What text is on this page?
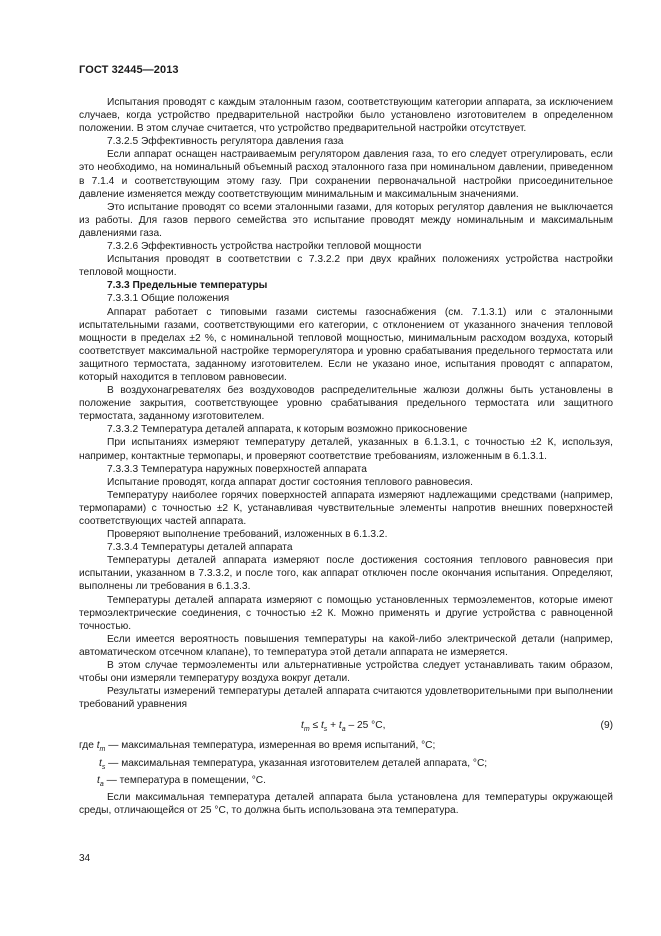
ГОСТ 32445—2013

Испытания проводят с каждым эталонным газом, соответствующим категории аппарата, за исключением случаев, когда устройство предварительной настройки было установлено изготовителем в определенном положении. В этом случае считается, что устройство предварительной настройки отсутствует.

7.3.2.5 Эффективность регулятора давления газа

Если аппарат оснащен настраиваемым регулятором давления газа, то его следует отрегулировать, если это необходимо, на номинальный объемный расход эталонного газа при номинальном давлении, приведенном в 7.1.4 и соответствующим этому газу. При сохранении первоначальной настройки присоединительное давление изменяется между соответствующим минимальным и максимальным значениями.

Это испытание проводят со всеми эталонными газами, для которых регулятор давления не выключается из работы. Для газов первого семейства это испытание проводят между номинальным и максимальным давлениями газа.

7.3.2.6 Эффективность устройства настройки тепловой мощности

Испытания проводят в соответствии с 7.3.2.2 при двух крайних положениях устройства настройки тепловой мощности.

7.3.3 Предельные температуры

7.3.3.1 Общие положения

Аппарат работает с типовыми газами системы газоснабжения (см. 7.1.3.1) или с эталонными испытательными газами, соответствующими его категории, с отклонением от указанного значения тепловой мощности в пределах ±2 %, с номинальной тепловой мощностью, минимальным расходом воздуха, который соответствует максимальной настройке терморегулятора и уровню срабатывания предельного термостата или защитного термостата, заданному изготовителем. Если не указано иное, испытания проводят с аппаратом, который находится в тепловом равновесии.

В воздухонагревателях без воздуховодов распределительные жалюзи должны быть установлены в положение закрытия, соответствующее уровню срабатывания предельного термостата или защитного термостата, заданному изготовителем.

7.3.3.2 Температура деталей аппарата, к которым возможно прикосновение

При испытаниях измеряют температуру деталей, указанных в 6.1.3.1, с точностью ±2 К, используя, например, контактные термопары, и проверяют соответствие требованиям, изложенным в 6.1.3.1.

7.3.3.3 Температура наружных поверхностей аппарата

Испытание проводят, когда аппарат достиг состояния теплового равновесия.

Температуру наиболее горячих поверхностей аппарата измеряют надлежащими средствами (например, термопарами) с точностью ±2 К, устанавливая чувствительные элементы напротив внешних поверхностей соответствующих частей аппарата.

Проверяют выполнение требований, изложенных в 6.1.3.2.

7.3.3.4 Температуры деталей аппарата

Температуры деталей аппарата измеряют после достижения состояния теплового равновесия при испытании, указанном в 7.3.3.2, и после того, как аппарат отключен после окончания испытания. Определяют, выполнены ли требования в 6.1.3.3.

Температуры деталей аппарата измеряют с помощью установленных термоэлементов, которые имеют термоэлектрические соединения, с точностью ±2 К. Можно применять и другие устройства с равноценной точностью.

Если имеется вероятность повышения температуры на какой-либо электрической детали (например, автоматическом отсечном клапане), то температура этой детали аппарата не измеряется.

В этом случае термоэлементы или альтернативные устройства следует устанавливать таким образом, чтобы они измеряли температуру воздуха вокруг детали.

Результаты измерений температуры деталей аппарата считаются удовлетворительными при выполнении требований уравнения

$t_m \le t_s + t_a - 25$ °C,	(9)

где $t_m$ — максимальная температура, измеренная во время испытаний, °C;

$t_s$ — максимальная температура, указанная изготовителем деталей аппарата, °C;

$t_a$ — температура в помещении, °C.

Если максимальная температура деталей аппарата была установлена для температуры окружающей среды, отличающейся от 25 °C, то должна быть использована эта температура.

34
